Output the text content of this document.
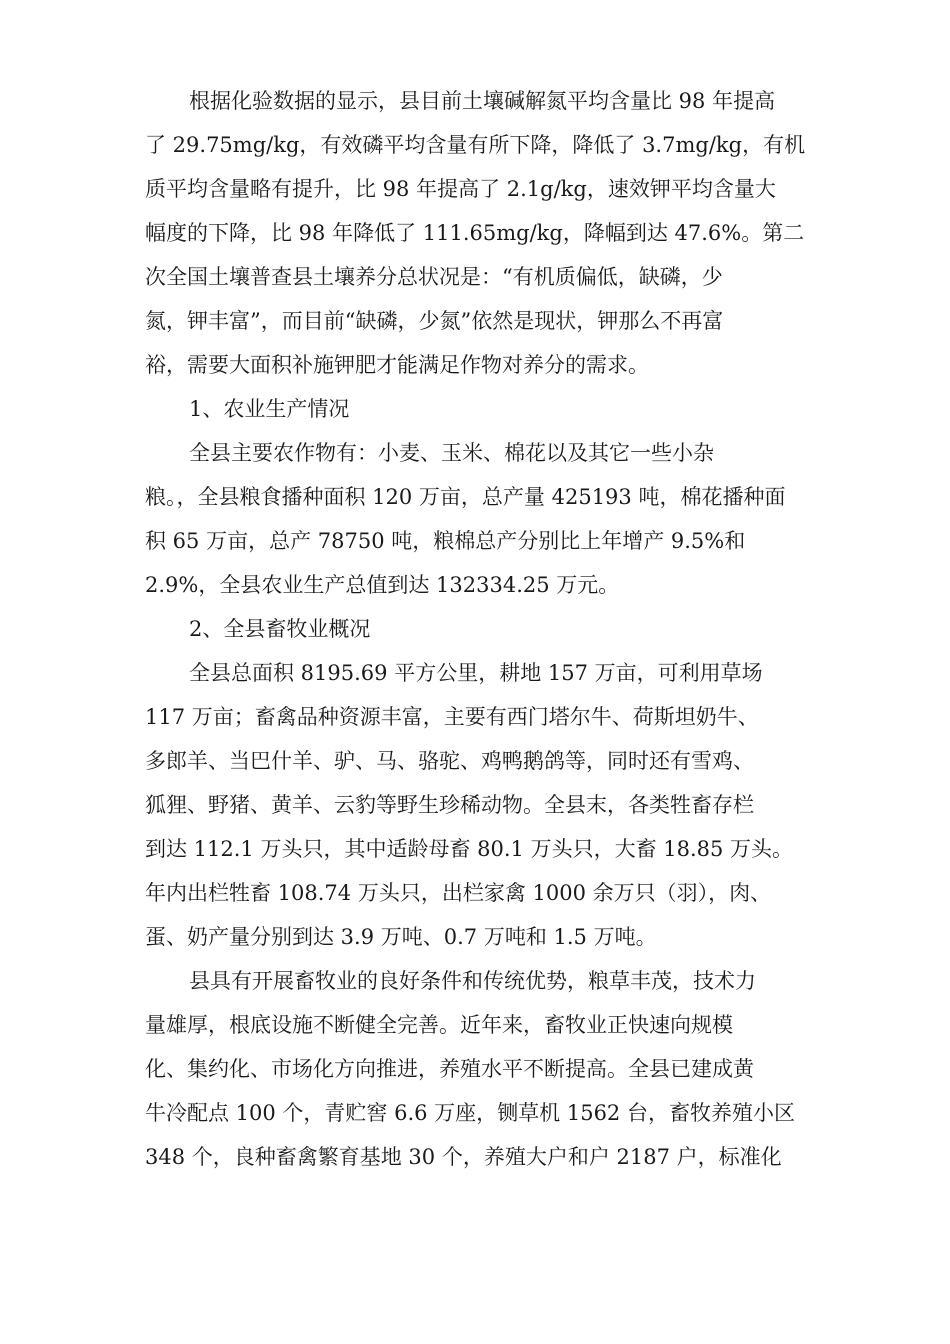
根据化验数据的显示，县目前土壤碱解氮平均含量比 98 年提高
了 29.75mg/kg，有效磷平均含量有所下降，降低了 3.7mg/kg，有机
质平均含量略有提升，比 98 年提高了 2.1g/kg，速效钾平均含量大
幅度的下降，比 98 年降低了 111.65mg/kg，降幅到达 47.6%。第二
次全国土壤普查县土壤养分总状况是：“有机质偏低，缺磷，少
氮，钾丰富”，而目前“缺磷，少氮”依然是现状，钾那么不再富
裕，需要大面积补施钾肥才能满足作物对养分的需求。
1、农业生产情况
全县主要农作物有：小麦、玉米、棉花以及其它一些小杂
粮。，全县粮食播种面积 120 万亩，总产量 425193 吨，棉花播种面
积 65 万亩，总产 78750 吨，粮棉总产分别比上年增产 9.5%和
2.9%，全县农业生产总值到达 132334.25 万元。
2、全县畜牧业概况
全县总面积 8195.69 平方公里，耕地 157 万亩，可利用草场
117 万亩；畜禽品种资源丰富，主要有西门塔尔牛、荷斯坦奶牛、
多郎羊、当巴什羊、驴、马、骆驼、鸡鸭鹅鸽等，同时还有雪鸡、
狐狸、野猪、黄羊、云豹等野生珍稀动物。全县末，各类牲畜存栏
到达 112.1 万头只，其中适龄母畜 80.1 万头只，大畜 18.85 万头。
年内出栏牲畜 108.74 万头只，出栏家禽 1000 余万只（羽），肉、
蛋、奶产量分别到达 3.9 万吨、0.7 万吨和 1.5 万吨。
县具有开展畜牧业的良好条件和传统优势，粮草丰茂，技术力
量雄厚，根底设施不断健全完善。近年来，畜牧业正快速向规模
化、集约化、市场化方向推进，养殖水平不断提高。全县已建成黄
牛冷配点 100 个，青贮窖 6.6 万座，铡草机 1562 台，畜牧养殖小区
348 个，良种畜禽繁育基地 30 个，养殖大户和户 2187 户，标准化
